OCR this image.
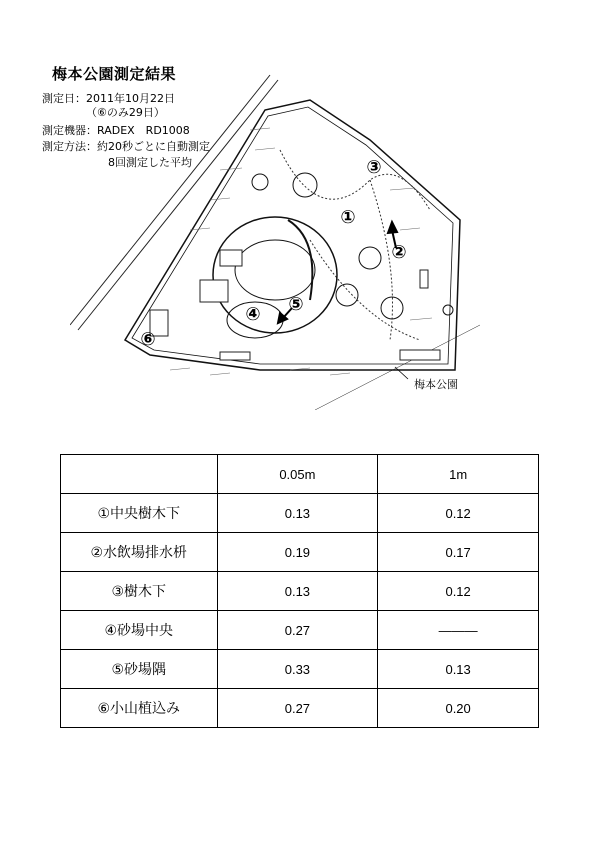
梅本公園測定結果
測定日：2011年10月22日
（⑥のみ29日）
測定機器：RADEX　RD1008
測定方法：約20秒ごとに自動測定
8回測定した平均	③
①
②
⑤
④
⑥
梅本公園
	0.05m	1m
①中央樹木下	0.13	0.12
②水飲場排水枡	0.19	0.17
③樹木下	0.13	0.12
④砂場中央	0.27	―――
⑤砂場隅	0.33	0.13
⑥小山植込み	0.27	0.20
